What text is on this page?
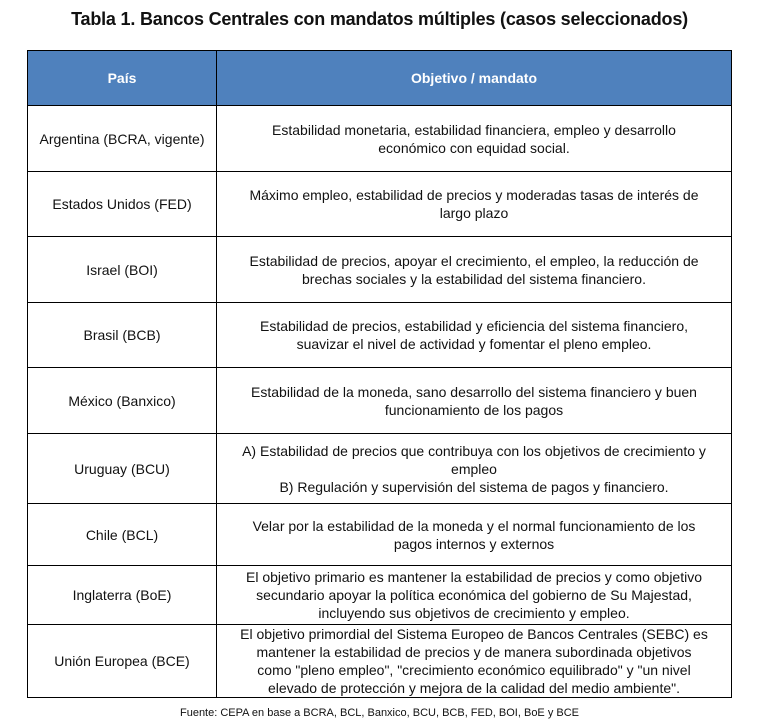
Tabla 1. Bancos Centrales con mandatos múltiples (casos seleccionados)
País	Objetivo / mandato
Argentina (BCRA, vigente)	Estabilidad monetaria, estabilidad financiera, empleo y desarrollo
económico con equidad social.

Estados Unidos (FED)	Máximo empleo, estabilidad de precios y moderadas tasas de interés de
largo plazo

Israel (BOI)	Estabilidad de precios, apoyar el crecimiento, el empleo, la reducción de
brechas sociales y la estabilidad del sistema financiero.

Brasil (BCB)	Estabilidad de precios, estabilidad y eficiencia del sistema financiero,
suavizar el nivel de actividad y fomentar el pleno empleo.

México (Banxico)	Estabilidad de la moneda, sano desarrollo del sistema financiero y buen
funcionamiento de los pagos

Uruguay (BCU)	A) Estabilidad de precios que contribuya con los objetivos de crecimiento y
empleo
B) Regulación y supervisión del sistema de pagos y financiero.

Chile (BCL)	Velar por la estabilidad de la moneda y el normal funcionamiento de los
pagos internos y externos

Inglaterra (BoE)	El objetivo primario es mantener la estabilidad de precios y como objetivo
secundario apoyar la política económica del gobierno de Su Majestad,
incluyendo sus objetivos de crecimiento y empleo.

Unión Europea (BCE)	El objetivo primordial del Sistema Europeo de Bancos Centrales (SEBC) es
mantener la estabilidad de precios y de manera subordinada objetivos
como "pleno empleo", "crecimiento económico equilibrado" y "un nivel
elevado de protección y mejora de la calidad del medio ambiente".
Fuente: CEPA en base a BCRA, BCL, Banxico, BCU, BCB, FED, BOI, BoE y BCE
